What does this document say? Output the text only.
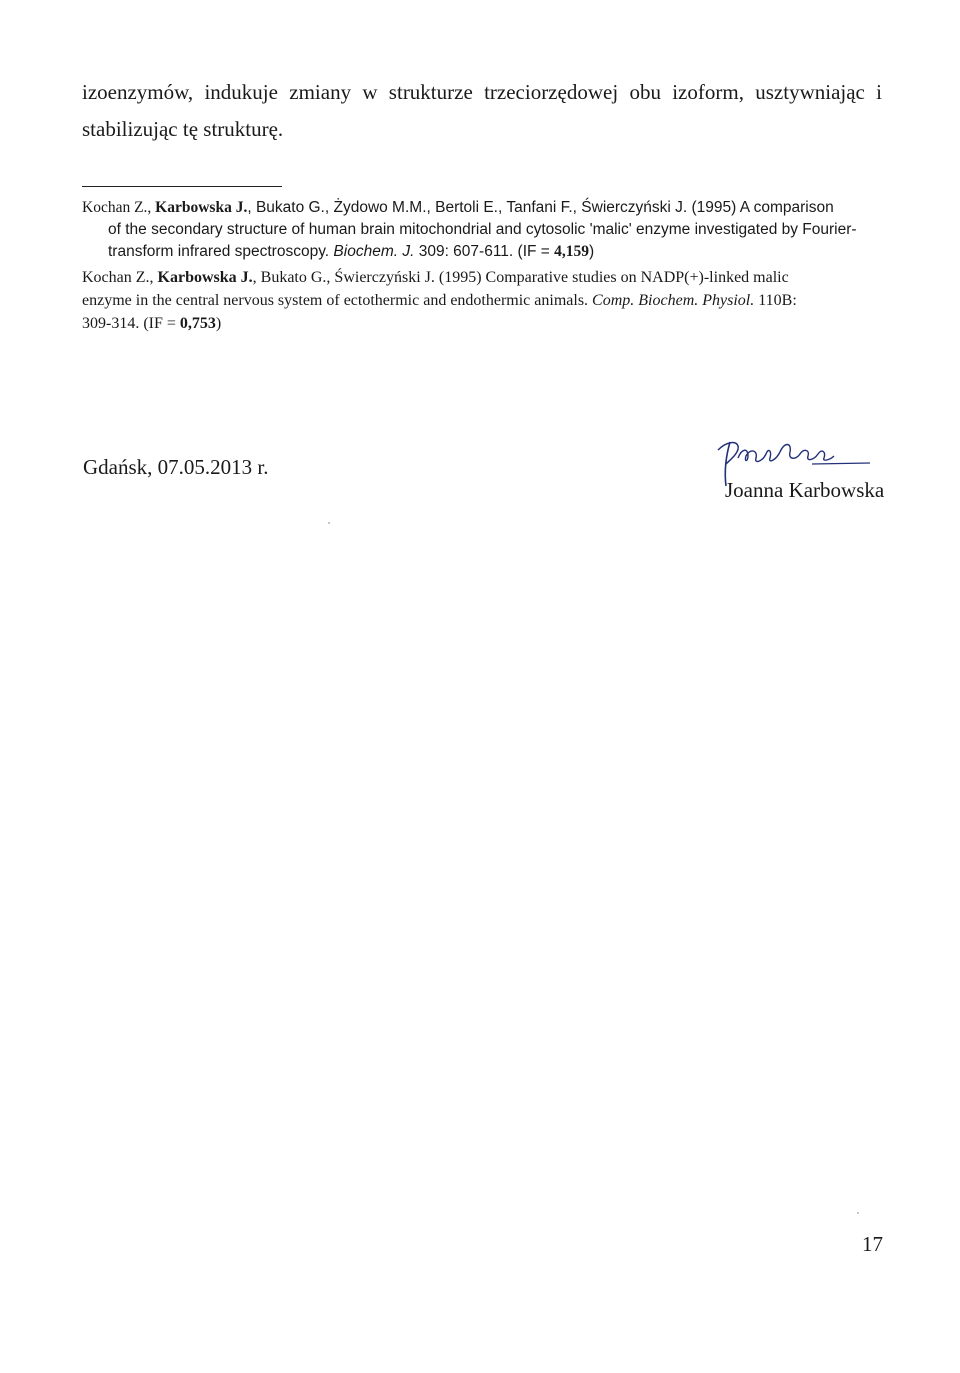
izoenzymów, indukuje zmiany w strukturze trzeciorzędowej obu izoform, usztywniając i
stabilizując tę strukturę.
Kochan Z., Karbowska J., Bukato G., Żydowo M.M., Bertoli E., Tanfani F., Świerczyński J. (1995) A comparison
of the secondary structure of human brain mitochondrial and cytosolic 'malic' enzyme investigated by Fourier-
transform infrared spectroscopy. Biochem. J. 309: 607-611. (IF = 4,159)
Kochan Z., Karbowska J., Bukato G., Świerczyński J. (1995) Comparative studies on NADP(+)-linked malic
enzyme in the central nervous system of ectothermic and endothermic animals. Comp. Biochem. Physiol. 110B:
309-314. (IF = 0,753)
Gdańsk, 07.05.2013 r.
Joanna Karbowska
17
